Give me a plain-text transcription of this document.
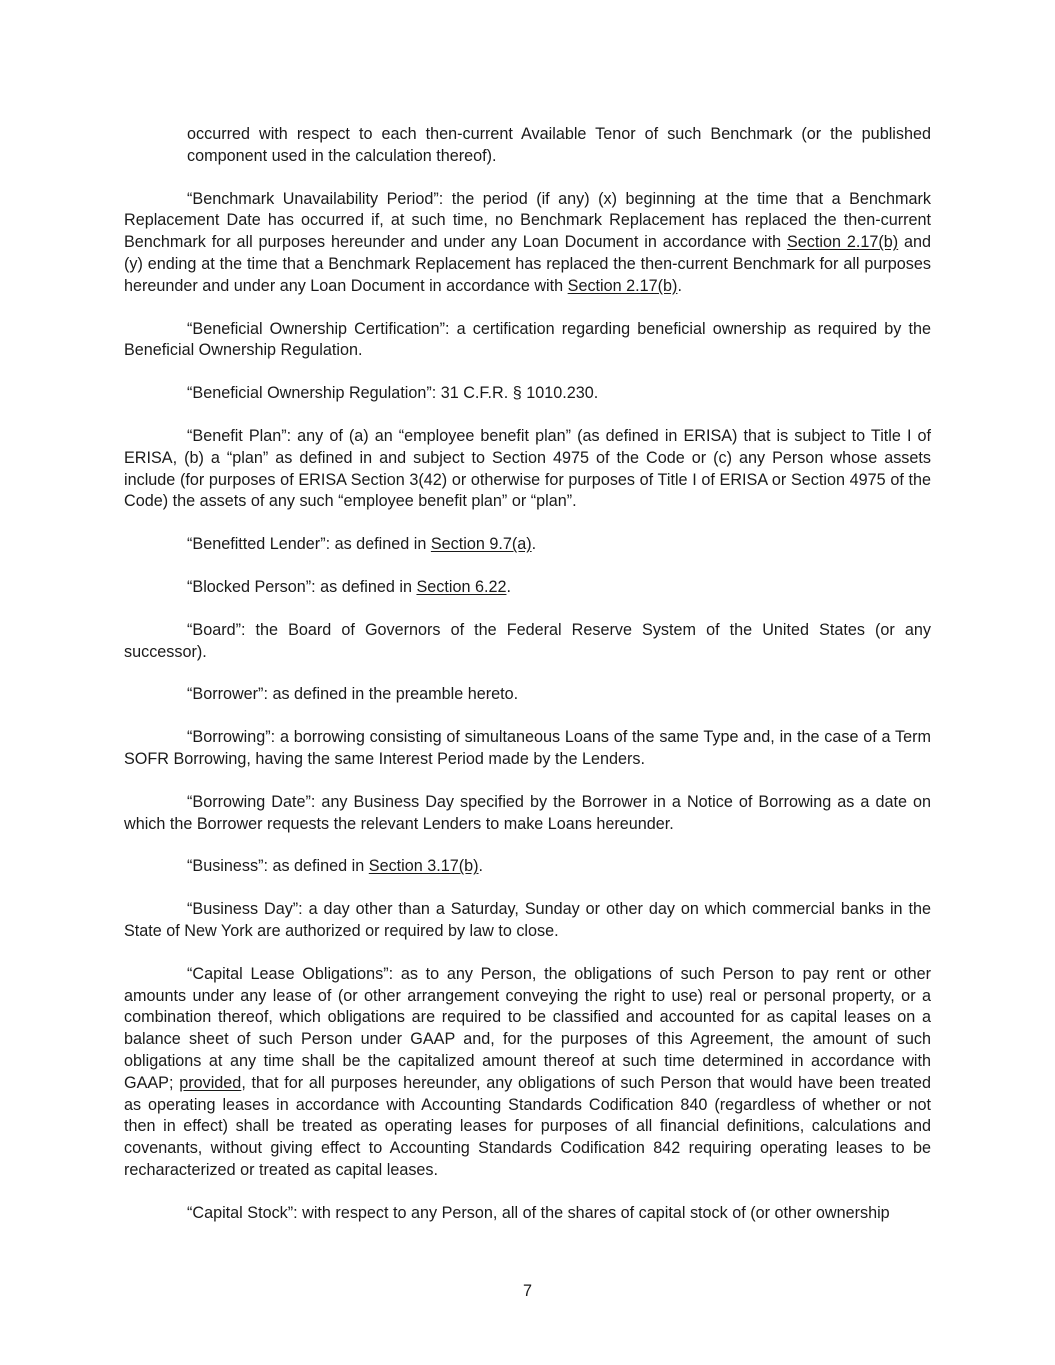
occurred with respect to each then-current Available Tenor of such Benchmark (or the published component used in the calculation thereof).

“Benchmark Unavailability Period”: the period (if any) (x) beginning at the time that a Benchmark Replacement Date has occurred if, at such time, no Benchmark Replacement has replaced the then-current Benchmark for all purposes hereunder and under any Loan Document in accordance with Section 2.17(b) and (y) ending at the time that a Benchmark Replacement has replaced the then-current Benchmark for all purposes hereunder and under any Loan Document in accordance with Section 2.17(b).

“Beneficial Ownership Certification”: a certification regarding beneficial ownership as required by the Beneficial Ownership Regulation.

“Beneficial Ownership Regulation”: 31 C.F.R. § 1010.230.

“Benefit Plan”: any of (a) an “employee benefit plan” (as defined in ERISA) that is subject to Title I of ERISA, (b) a “plan” as defined in and subject to Section 4975 of the Code or (c) any Person whose assets include (for purposes of ERISA Section 3(42) or otherwise for purposes of Title I of ERISA or Section 4975 of the Code) the assets of any such “employee benefit plan” or “plan”.

“Benefitted Lender”: as defined in Section 9.7(a).

“Blocked Person”: as defined in Section 6.22.

“Board”: the Board of Governors of the Federal Reserve System of the United States (or any successor).

“Borrower”: as defined in the preamble hereto.

“Borrowing”: a borrowing consisting of simultaneous Loans of the same Type and, in the case of a Term SOFR Borrowing, having the same Interest Period made by the Lenders.

“Borrowing Date”: any Business Day specified by the Borrower in a Notice of Borrowing as a date on which the Borrower requests the relevant Lenders to make Loans hereunder.

“Business”: as defined in Section 3.17(b).

“Business Day”: a day other than a Saturday, Sunday or other day on which commercial banks in the State of New York are authorized or required by law to close.

“Capital Lease Obligations”: as to any Person, the obligations of such Person to pay rent or other amounts under any lease of (or other arrangement conveying the right to use) real or personal property, or a combination thereof, which obligations are required to be classified and accounted for as capital leases on a balance sheet of such Person under GAAP and, for the purposes of this Agreement, the amount of such obligations at any time shall be the capitalized amount thereof at such time determined in accordance with GAAP; provided, that for all purposes hereunder, any obligations of such Person that would have been treated as operating leases in accordance with Accounting Standards Codification 840 (regardless of whether or not then in effect) shall be treated as operating leases for purposes of all financial definitions, calculations and covenants, without giving effect to Accounting Standards Codification 842 requiring operating leases to be recharacterized or treated as capital leases.

“Capital Stock”: with respect to any Person, all of the shares of capital stock of (or other ownership

7
